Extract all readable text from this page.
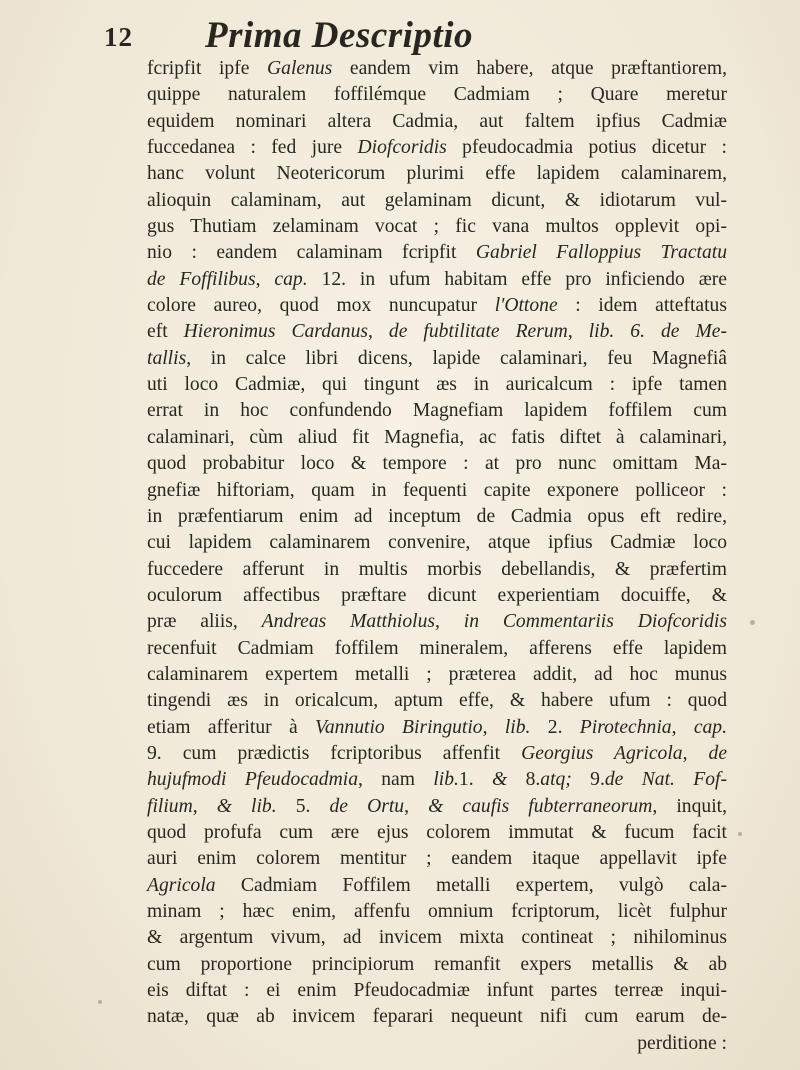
12 Prima Descriptio
fcripfit ipfe Galenus eandem vim habere, atque præftantiorem,
quippe naturalem foffilémque Cadmiam ; Quare meretur
equidem nominari altera Cadmia, aut faltem ipfius Cadmiæ
fuccedanea : fed jure Diofcoridis pfeudocadmia potius dicetur :
hanc volunt Neotericorum plurimi effe lapidem calaminarem,
alioquin calaminam, aut gelaminam dicunt, & idiotarum vul-
gus Thutiam zelaminam vocat ; fic vana multos opplevit opi-
nio : eandem calaminam fcripfit Gabriel Falloppius Tractatu
de Foffilibus, cap. 12. in ufum habitam effe pro inficiendo ære
colore aureo, quod mox nuncupatur l'Ottone : idem atteftatus
eft Hieronimus Cardanus, de fubtilitate Rerum, lib. 6. de Me-
tallis, in calce libri dicens, lapide calaminari, feu Magnefiâ
uti loco Cadmiæ, qui tingunt æs in auricalcum : ipfe tamen
errat in hoc confundendo Magnefiam lapidem foffilem cum
calaminari, cùm aliud fit Magnefia, ac fatis diftet à calaminari,
quod probabitur loco & tempore : at pro nunc omittam Ma-
gnefiæ hiftoriam, quam in fequenti capite exponere polliceor :
in præfentiarum enim ad inceptum de Cadmia opus eft redire,
cui lapidem calaminarem convenire, atque ipfius Cadmiæ loco
fuccedere afferunt in multis morbis debellandis, & præfertim
oculorum affectibus præftare dicunt experientiam docuiffe, &
præ aliis, Andreas Matthiolus, in Commentariis Diofcoridis
recenfuit Cadmiam foffilem mineralem, afferens effe lapidem
calaminarem expertem metalli ; præterea addit, ad hoc munus
tingendi æs in oricalcum, aptum effe, & habere ufum : quod
etiam afferitur à Vannutio Biringutio, lib. 2. Pirotechnia, cap.
9. cum prædictis fcriptoribus affenfit Georgius Agricola, de
hujufmodi Pfeudocadmia, nam lib.1. & 8.atq; 9.de Nat. Fof-
filium, & lib. 5. de Ortu, & caufis fubterraneorum, inquit,
quod profufa cum ære ejus colorem immutat & fucum facit
auri enim colorem mentitur ; eandem itaque appellavit ipfe
Agricola Cadmiam Foffilem metalli expertem, vulgò cala-
minam ; hæc enim, affenfu omnium fcriptorum, licèt fulphur
& argentum vivum, ad invicem mixta contineat ; nihilominus
cum proportione principiorum remanfit expers metallis & ab
eis diftat : ei enim Pfeudocadmiæ infunt partes terreæ inqui-
natæ, quæ ab invicem feparari nequeunt nifi cum earum de-
perditione :
